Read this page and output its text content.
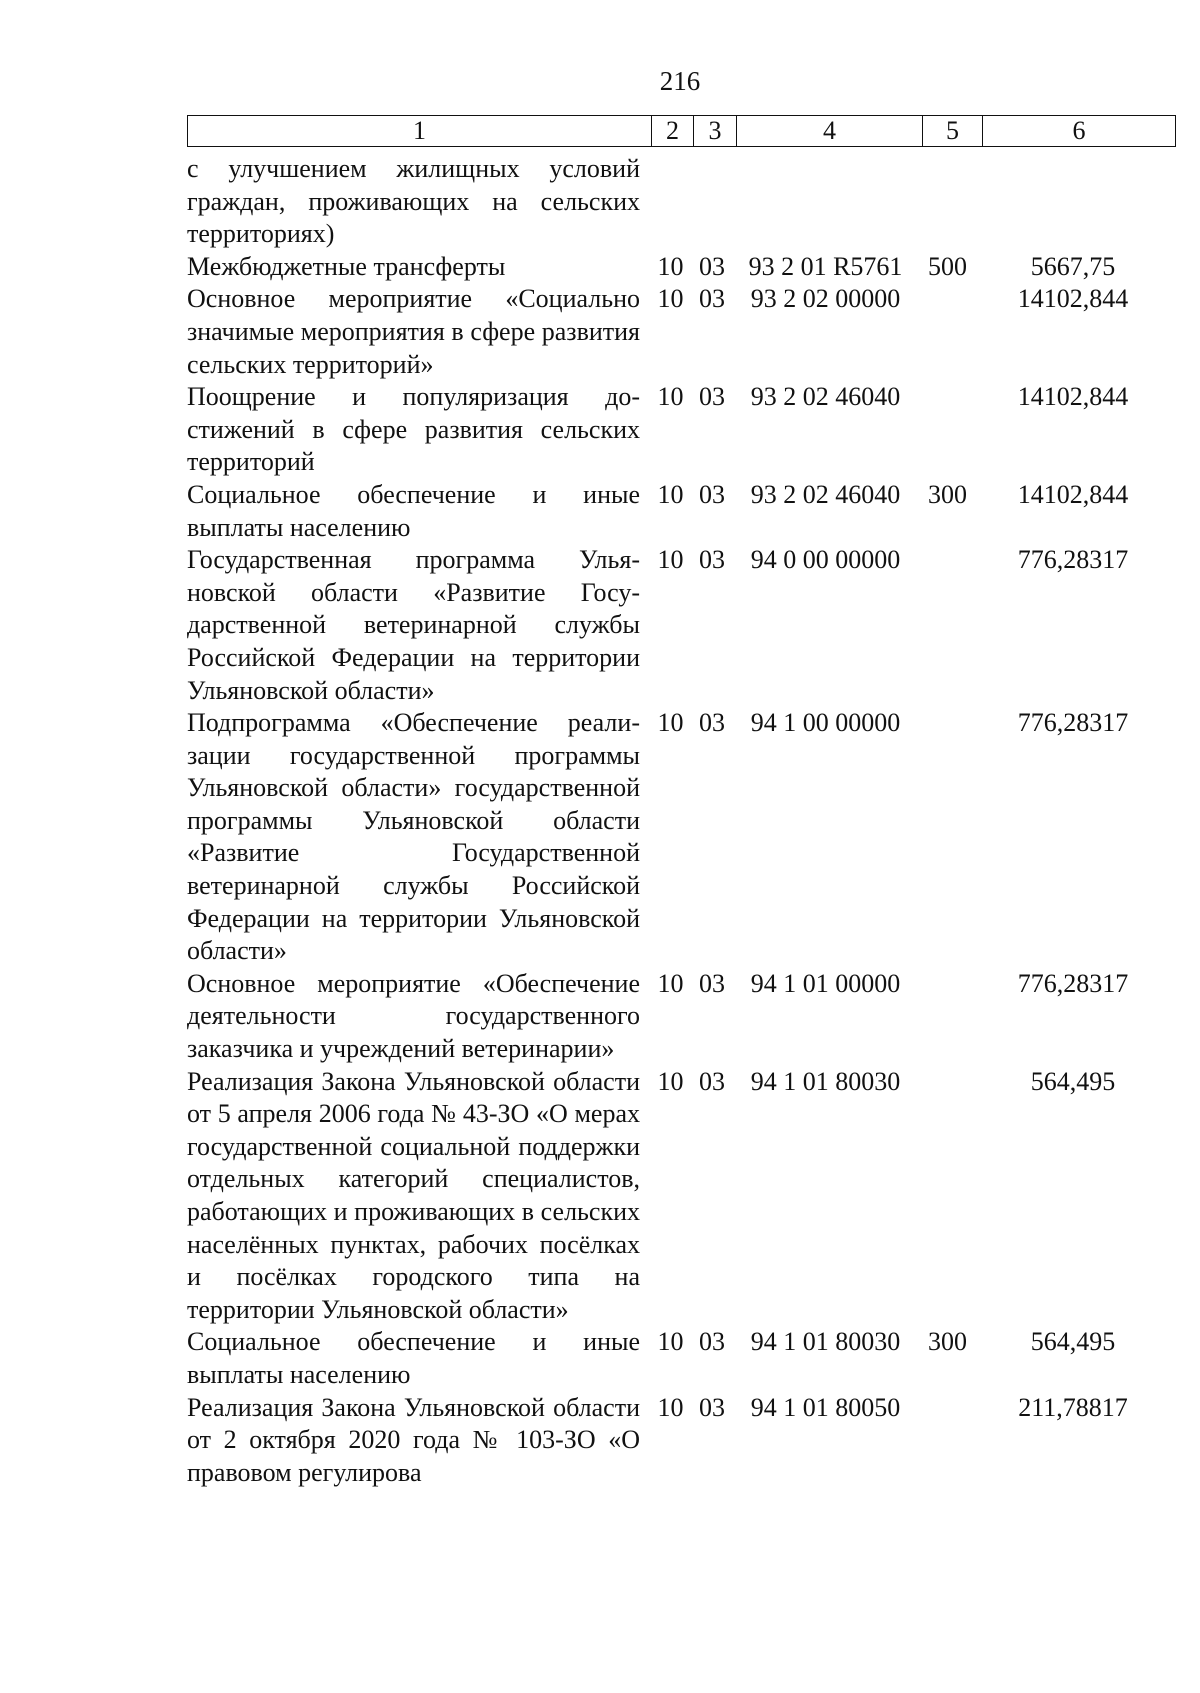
216
1	2	3	4	5	6
с улучшением жилищных условий граждан, проживающих на сельских территориях)					
Межбюджетные трансферты	10	03	93 2 01 R5761	500	5667,75
Основное мероприятие «Социально значимые мероприятия в сфере развития сельских территорий»	10	03	93 2 02 00000		14102,844
Поощрение и популяризация достижений в сфере развития сельских территорий	10	03	93 2 02 46040		14102,844
Социальное обеспечение и иные выплаты населению	10	03	93 2 02 46040	300	14102,844
Государственная программа Ульяновской области «Развитие Государственной ветеринарной службы Российской Федерации на территории Ульяновской области»	10	03	94 0 00 00000		776,28317
Подпрограмма «Обеспечение реализации государственной программы Ульяновской области» государственной программы Ульяновской области «Развитие Государственной ветеринарной службы Российской Федерации на территории Ульяновской области»	10	03	94 1 00 00000		776,28317
Основное мероприятие «Обеспечение деятельности государственного заказчика и учреждений ветеринарии»	10	03	94 1 01 00000		776,28317
Реализация Закона Ульяновской области от 5 апреля 2006 года № 43-ЗО «О мерах государственной социальной поддержки отдельных категорий специалистов, работающих и проживающих в сельских населённых пунктах, рабочих посёлках и посёлках городского типа на территории Ульяновской области»	10	03	94 1 01 80030		564,495
Социальное обеспечение и иные выплаты населению	10	03	94 1 01 80030	300	564,495
Реализация Закона Ульяновской области от 2 октября 2020 года № 103-ЗО «О правовом регулирова	10	03	94 1 01 80050		211,78817
